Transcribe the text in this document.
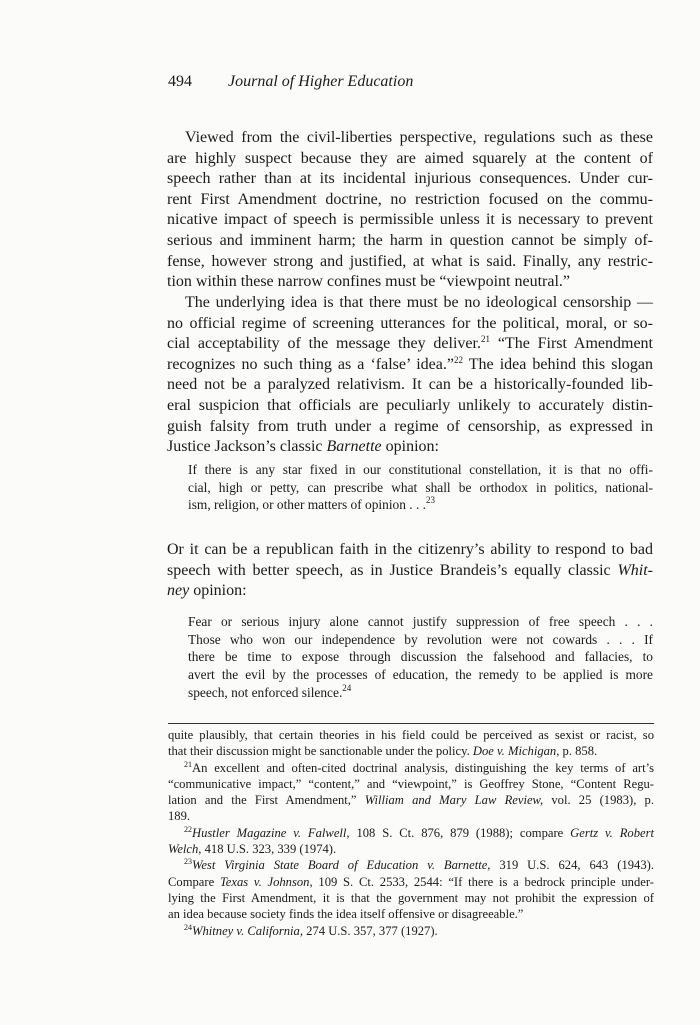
494 Journal of Higher Education
Viewed from the civil-liberties perspective, regulations such as these
are highly suspect because they are aimed squarely at the content of
speech rather than at its incidental injurious consequences. Under cur-
rent First Amendment doctrine, no restriction focused on the commu-
nicative impact of speech is permissible unless it is necessary to prevent
serious and imminent harm; the harm in question cannot be simply of-
fense, however strong and justified, at what is said. Finally, any restric-
tion within these narrow confines must be “viewpoint neutral.”
The underlying idea is that there must be no ideological censorship —
no official regime of screening utterances for the political, moral, or so-
cial acceptability of the message they deliver.$^{21}$ “The First Amendment
recognizes no such thing as a ‘false’ idea.”$^{22}$ The idea behind this slogan
need not be a paralyzed relativism. It can be a historically-founded lib-
eral suspicion that officials are peculiarly unlikely to accurately distin-
guish falsity from truth under a regime of censorship, as expressed in
Justice Jackson’s classic Barnette opinion:
If there is any star fixed in our constitutional constellation, it is that no offi-
cial, high or petty, can prescribe what shall be orthodox in politics, national-
ism, religion, or other matters of opinion . . .$^{23}$
Or it can be a republican faith in the citizenry’s ability to respond to bad
speech with better speech, as in Justice Brandeis’s equally classic Whit-
ney opinion:
Fear or serious injury alone cannot justify suppression of free speech . . .
Those who won our independence by revolution were not cowards . . . If
there be time to expose through discussion the falsehood and fallacies, to
avert the evil by the processes of education, the remedy to be applied is more
speech, not enforced silence.$^{24}$
quite plausibly, that certain theories in his field could be perceived as sexist or racist, so
that their discussion might be sanctionable under the policy. Doe v. Michigan, p. 858.
$^{21}$An excellent and often-cited doctrinal analysis, distinguishing the key terms of art’s
“communicative impact,” “content,” and “viewpoint,” is Geoffrey Stone, “Content Regu-
lation and the First Amendment,” William and Mary Law Review, vol. 25 (1983), p.
189.
$^{22}$Hustler Magazine v. Falwell, 108 S. Ct. 876, 879 (1988); compare Gertz v. Robert
Welch, 418 U.S. 323, 339 (1974).
$^{23}$West Virginia State Board of Education v. Barnette, 319 U.S. 624, 643 (1943).
Compare Texas v. Johnson, 109 S. Ct. 2533, 2544: “If there is a bedrock principle under-
lying the First Amendment, it is that the government may not prohibit the expression of
an idea because society finds the idea itself offensive or disagreeable.”
$^{24}$Whitney v. California, 274 U.S. 357, 377 (1927).
